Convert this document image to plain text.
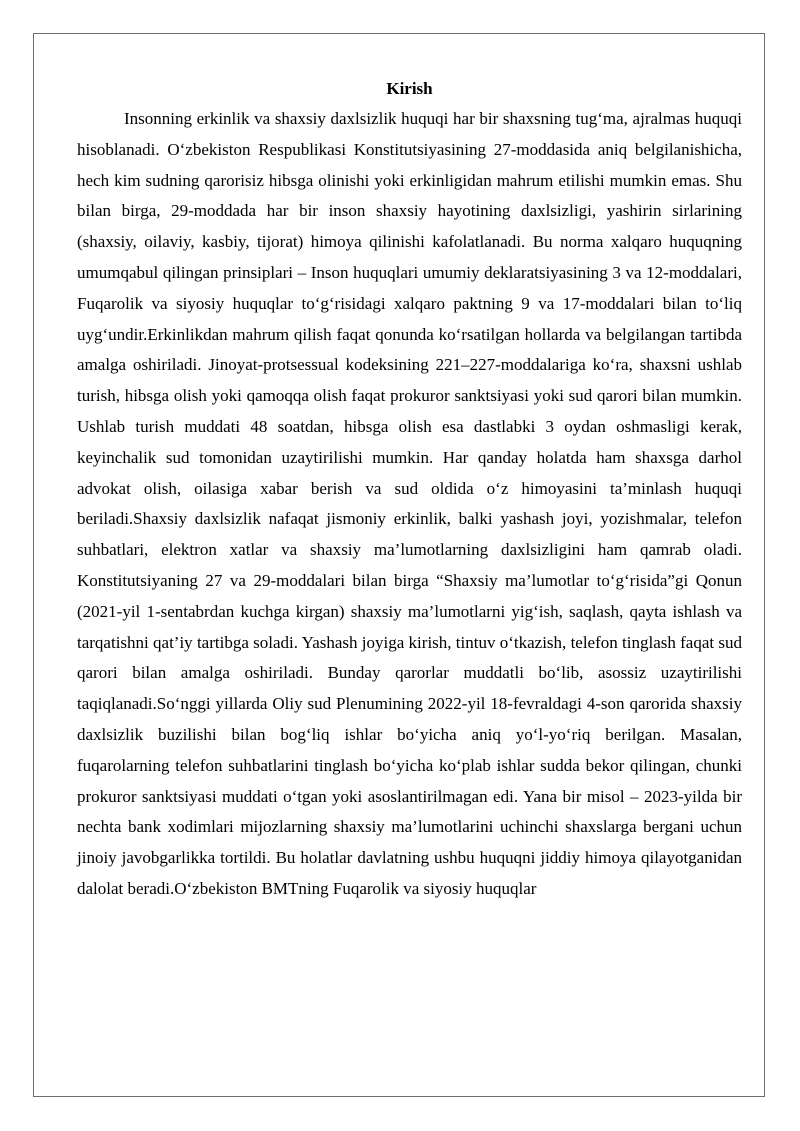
Kirish

Insonning erkinlik va shaxsiy daxlsizlik huquqi har bir shaxsning tug‘ma, ajralmas huquqi hisoblanadi. O‘zbekiston Respublikasi Konstitutsiyasining 27-moddasida aniq belgilanishicha, hech kim sudning qarorisiz hibsga olinishi yoki erkinligidan mahrum etilishi mumkin emas. Shu bilan birga, 29-moddada har bir inson shaxsiy hayotining daxlsizligi, yashirin sirlarining (shaxsiy, oilaviy, kasbiy, tijorat) himoya qilinishi kafolatlanadi. Bu norma xalqaro huquqning umumqabul qilingan prinsiplari – Inson huquqlari umumiy deklaratsiyasining 3 va 12-moddalari, Fuqarolik va siyosiy huquqlar to‘g‘risidagi xalqaro paktning 9 va 17-moddalari bilan to‘liq uyg‘undir.Erkinlikdan mahrum qilish faqat qonunda ko‘rsatilgan hollarda va belgilangan tartibda amalga oshiriladi. Jinoyat-protsessual kodeksining 221–227-moddalariga ko‘ra, shaxsni ushlab turish, hibsga olish yoki qamoqqa olish faqat prokuror sanktsiyasi yoki sud qarori bilan mumkin. Ushlab turish muddati 48 soatdan, hibsga olish esa dastlabki 3 oydan oshmasligi kerak, keyinchalik sud tomonidan uzaytirilishi mumkin. Har qanday holatda ham shaxsga darhol advokat olish, oilasiga xabar berish va sud oldida o‘z himoyasini ta’minlash huquqi beriladi.Shaxsiy daxlsizlik nafaqat jismoniy erkinlik, balki yashash joyi, yozishmalar, telefon suhbatlari, elektron xatlar va shaxsiy ma’lumotlarning daxlsizligini ham qamrab oladi. Konstitutsiyaning 27 va 29-moddalari bilan birga “Shaxsiy ma’lumotlar to‘g‘risida”gi Qonun (2021-yil 1-sentabrdan kuchga kirgan) shaxsiy ma’lumotlarni yig‘ish, saqlash, qayta ishlash va tarqatishni qat’iy tartibga soladi. Yashash joyiga kirish, tintuv o‘tkazish, telefon tinglash faqat sud qarori bilan amalga oshiriladi. Bunday qarorlar muddatli bo‘lib, asossiz uzaytirilishi taqiqlanadi.So‘nggi yillarda Oliy sud Plenumining 2022-yil 18-fevraldagi 4-son qarorida shaxsiy daxlsizlik buzilishi bilan bog‘liq ishlar bo‘yicha aniq yo‘l-yo‘riq berilgan. Masalan, fuqarolarning telefon suhbatlarini tinglash bo‘yicha ko‘plab ishlar sudda bekor qilingan, chunki prokuror sanktsiyasi muddati o‘tgan yoki asoslantirilmagan edi. Yana bir misol – 2023-yilda bir nechta bank xodimlari mijozlarning shaxsiy ma’lumotlarini uchinchi shaxslarga bergani uchun jinoiy javobgarlikka tortildi. Bu holatlar davlatning ushbu huquqni jiddiy himoya qilayotganidan dalolat beradi.O‘zbekiston BMTning Fuqarolik va siyosiy huquqlar
